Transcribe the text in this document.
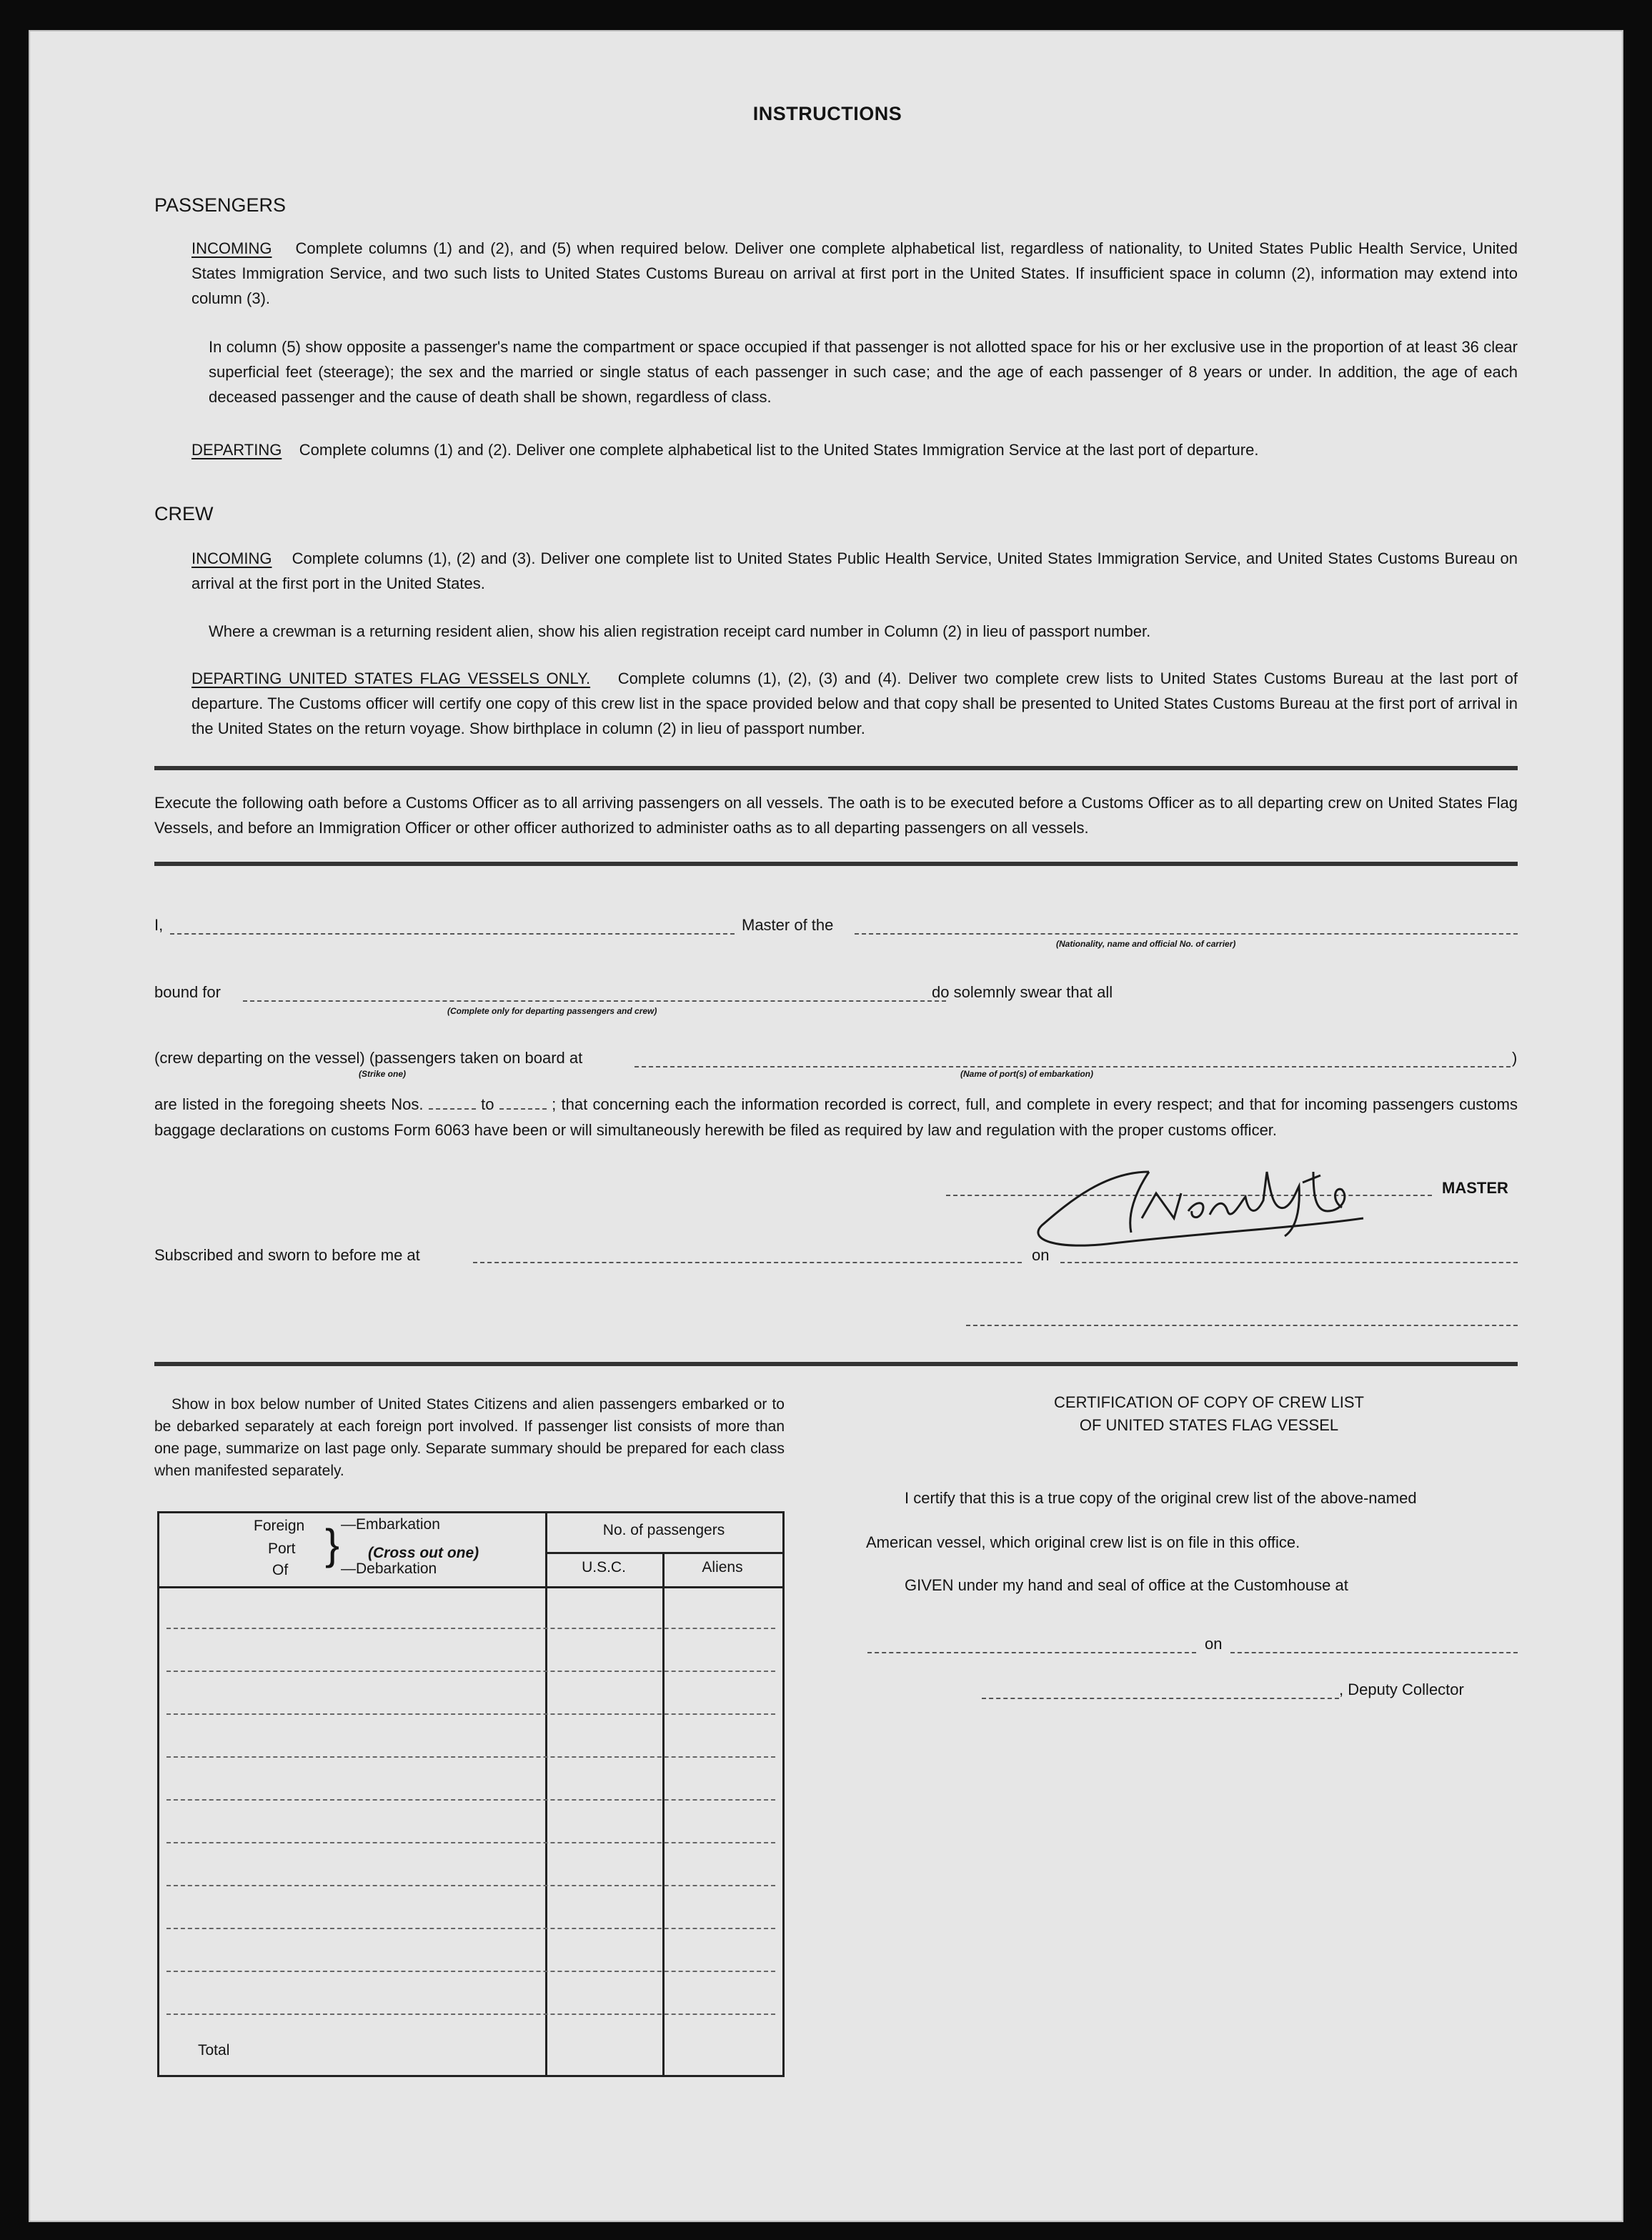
INSTRUCTIONS
PASSENGERS
INCOMING Complete columns (1) and (2), and (5) when required below. Deliver one complete alphabetical list, regardless of nationality, to United States Public Health Service, United States Immigration Service, and two such lists to United States Customs Bureau on arrival at first port in the United States. If insufficient space in column (2), information may extend into column (3).
In column (5) show opposite a passenger's name the compartment or space occupied if that passenger is not allotted space for his or her exclusive use in the proportion of at least 36 clear superficial feet (steerage); the sex and the married or single status of each passenger in such case; and the age of each passenger of 8 years or under. In addition, the age of each deceased passenger and the cause of death shall be shown, regardless of class.
DEPARTING Complete columns (1) and (2). Deliver one complete alphabetical list to the United States Immigration Service at the last port of departure.
CREW
INCOMING Complete columns (1), (2) and (3). Deliver one complete list to United States Public Health Service, United States Immigration Service, and United States Customs Bureau on arrival at the first port in the United States.
Where a crewman is a returning resident alien, show his alien registration receipt card number in Column (2) in lieu of passport number.
DEPARTING UNITED STATES FLAG VESSELS ONLY. Complete columns (1), (2), (3) and (4). Deliver two complete crew lists to United States Customs Bureau at the last port of departure. The Customs officer will certify one copy of this crew list in the space provided below and that copy shall be presented to United States Customs Bureau at the first port of arrival in the United States on the return voyage. Show birthplace in column (2) in lieu of passport number.
Execute the following oath before a Customs Officer as to all arriving passengers on all vessels. The oath is to be executed before a Customs Officer as to all departing crew on United States Flag Vessels, and before an Immigration Officer or other officer authorized to administer oaths as to all departing passengers on all vessels.
I,	Master of the
(Nationality, name and official No. of carrier)
bound for
(Complete only for departing passengers and crew)
do solemnly swear that all
(crew departing on the vessel) (passengers taken on board at
(Strike one)	(Name of port(s) of embarkation)
)
are listed in the foregoing sheets Nos.	to	; that concerning each the information recorded is correct, full, and complete in every respect; and that for incoming passengers customs baggage declarations on customs Form 6063 have been or will simultaneously herewith be filed as required by law and regulation with the proper customs officer.
MASTER
Subscribed and sworn to before me at	on
Show in box below number of United States Citizens and alien passengers embarked or to be debarked separately at each foreign port involved. If passenger list consists of more than one page, summarize on last page only. Separate summary should be prepared for each class when manifested separately.
Foreign
Port
Of
} —Embarkation
(Cross out one)
—Debarkation
No. of passengers
U.S.C.	Aliens
Total
CERTIFICATION OF COPY OF CREW LIST
OF UNITED STATES FLAG VESSEL
I certify that this is a true copy of the original crew list of the above-named
American vessel, which original crew list is on file in this office.
GIVEN under my hand and seal of office at the Customhouse at
on
, Deputy Collector
